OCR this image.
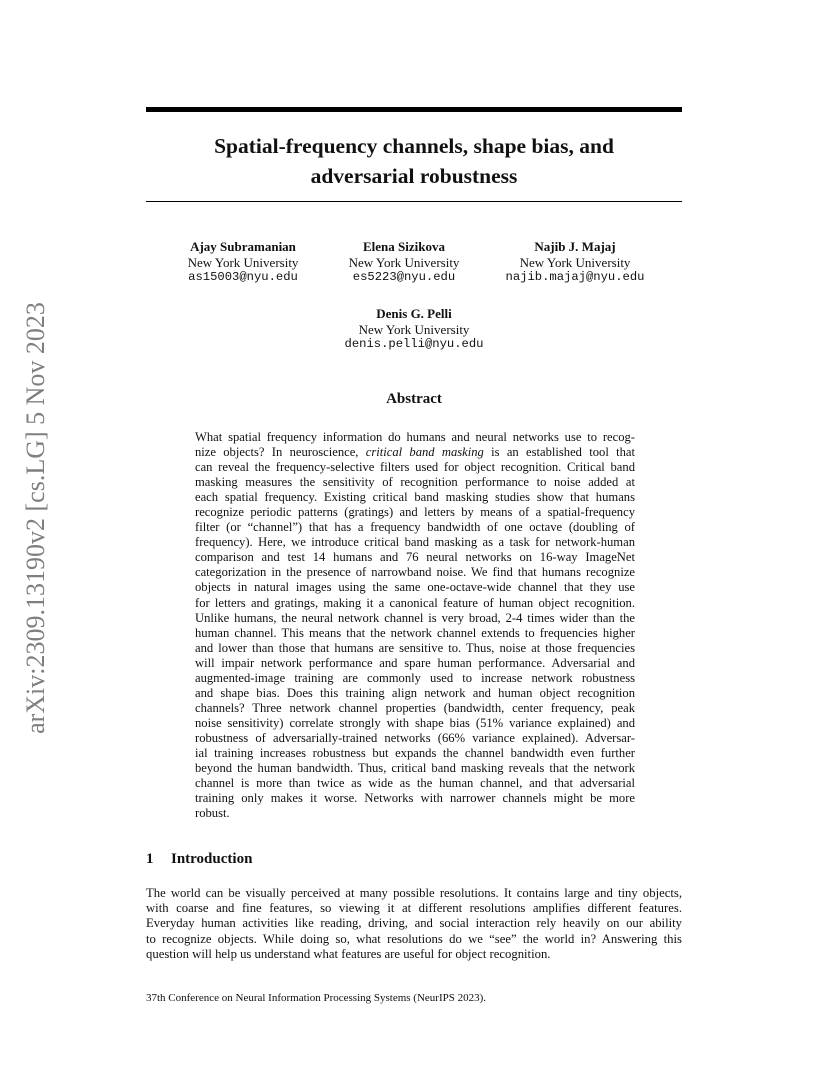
arXiv:2309.13190v2 [cs.LG] 5 Nov 2023
Spatial-frequency channels, shape bias, and
adversarial robustness
Ajay Subramanian
New York University
as15003@nyu.edu
Elena Sizikova
New York University
es5223@nyu.edu
Najib J. Majaj
New York University
najib.majaj@nyu.edu
Denis G. Pelli
New York University
denis.pelli@nyu.edu
Abstract
What spatial frequency information do humans and neural networks use to recog-
nize objects? In neuroscience, critical band masking is an established tool that
can reveal the frequency-selective filters used for object recognition. Critical band
masking measures the sensitivity of recognition performance to noise added at
each spatial frequency. Existing critical band masking studies show that humans
recognize periodic patterns (gratings) and letters by means of a spatial-frequency
filter (or “channel”) that has a frequency bandwidth of one octave (doubling of
frequency). Here, we introduce critical band masking as a task for network-human
comparison and test 14 humans and 76 neural networks on 16-way ImageNet
categorization in the presence of narrowband noise. We find that humans recognize
objects in natural images using the same one-octave-wide channel that they use
for letters and gratings, making it a canonical feature of human object recognition.
Unlike humans, the neural network channel is very broad, 2-4 times wider than the
human channel. This means that the network channel extends to frequencies higher
and lower than those that humans are sensitive to. Thus, noise at those frequencies
will impair network performance and spare human performance. Adversarial and
augmented-image training are commonly used to increase network robustness
and shape bias. Does this training align network and human object recognition
channels? Three network channel properties (bandwidth, center frequency, peak
noise sensitivity) correlate strongly with shape bias (51% variance explained) and
robustness of adversarially-trained networks (66% variance explained). Adversar-
ial training increases robustness but expands the channel bandwidth even further
beyond the human bandwidth. Thus, critical band masking reveals that the network
channel is more than twice as wide as the human channel, and that adversarial
training only makes it worse. Networks with narrower channels might be more
robust.
1 Introduction
The world can be visually perceived at many possible resolutions. It contains large and tiny objects,
with coarse and fine features, so viewing it at different resolutions amplifies different features.
Everyday human activities like reading, driving, and social interaction rely heavily on our ability
to recognize objects. While doing so, what resolutions do we “see” the world in? Answering this
question will help us understand what features are useful for object recognition.
37th Conference on Neural Information Processing Systems (NeurIPS 2023).
